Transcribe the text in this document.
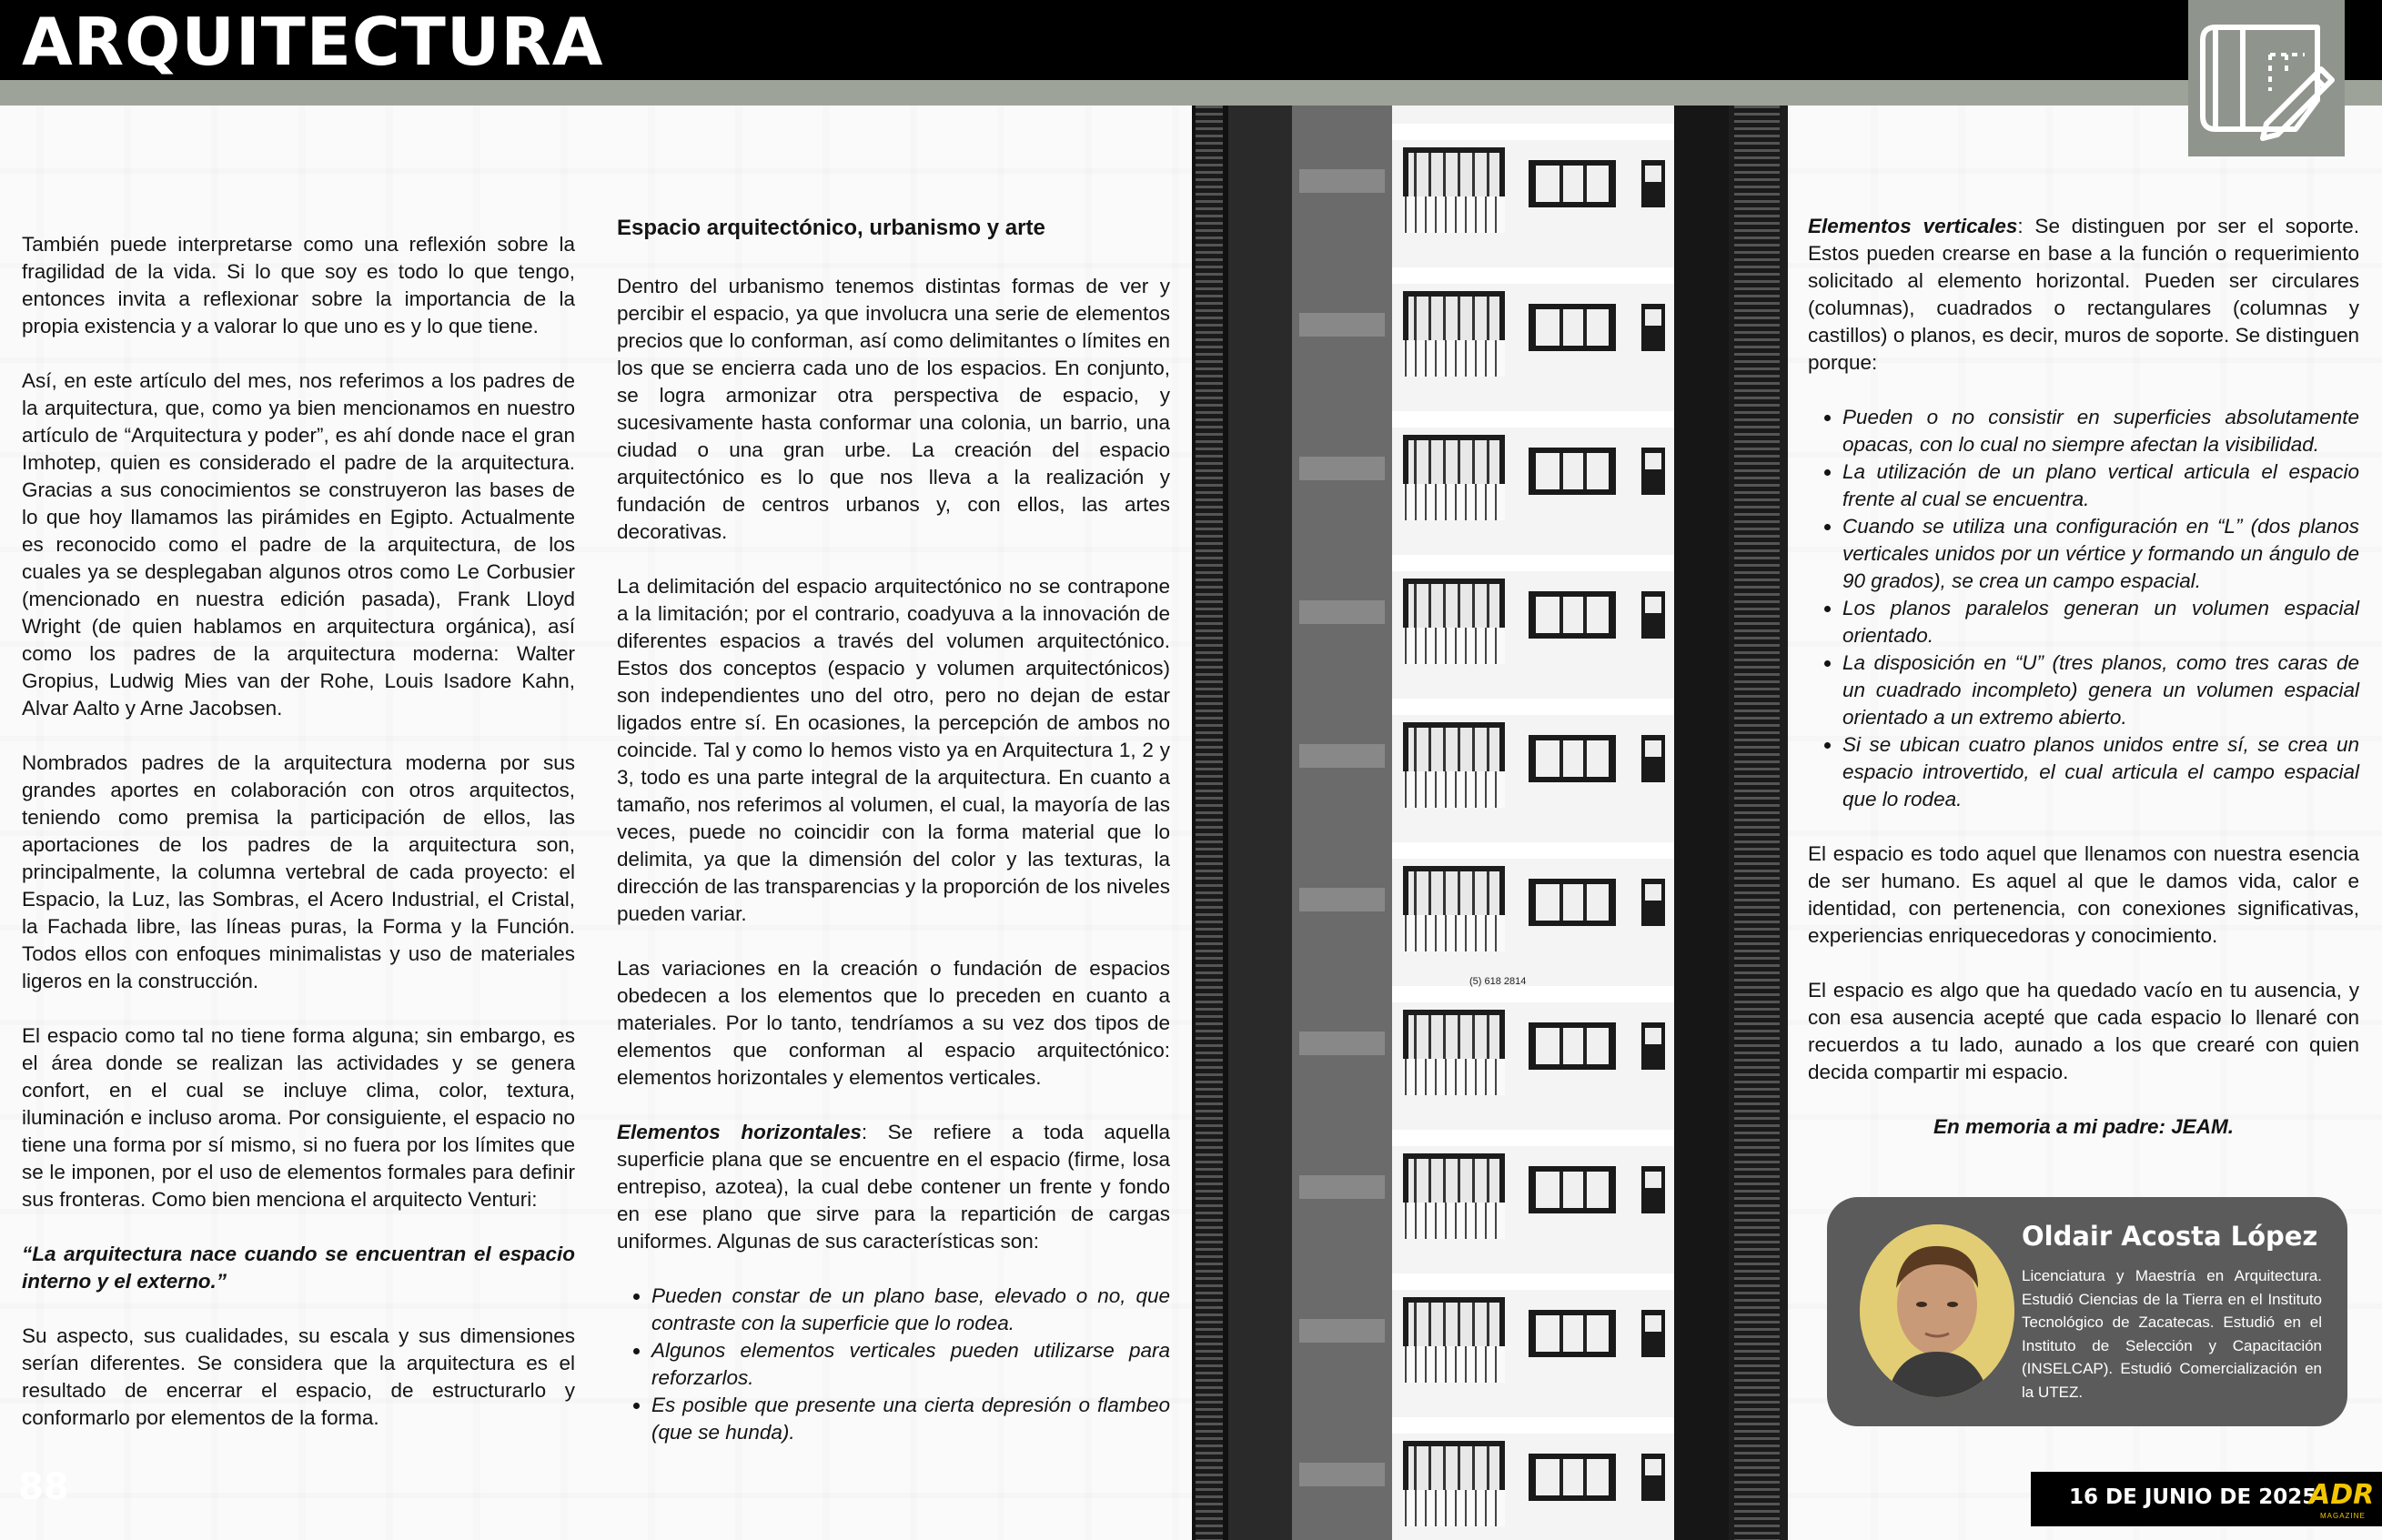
ARQUITECTURA

También puede interpretarse como una reflexión sobre la fragilidad de la vida. Si lo que soy es todo lo que tengo, entonces invita a reflexionar sobre la importancia de la propia existencia y a valorar lo que uno es y lo que tiene.

Así, en este artículo del mes, nos referimos a los padres de la arquitectura, que, como ya bien mencionamos en nuestro artículo de “Arquitectura y poder”, es ahí donde nace el gran Imhotep, quien es considerado el padre de la arquitectura. Gracias a sus conocimientos se construyeron las bases de lo que hoy llamamos las pirámides en Egipto. Actualmente es reconocido como el padre de la arquitectura, de los cuales ya se desplegaban algunos otros como Le Corbusier (mencionado en nuestra edición pasada), Frank Lloyd Wright (de quien hablamos en arquitectura orgánica), así como los padres de la arquitectura moderna: Walter Gropius, Ludwig Mies van der Rohe, Louis Isadore Kahn, Alvar Aalto y Arne Jacobsen.

Nombrados padres de la arquitectura moderna por sus grandes aportes en colaboración con otros arquitectos, teniendo como premisa la participación de ellos, las aportaciones de los padres de la arquitectura son, principalmente, la columna vertebral de cada proyecto: el Espacio, la Luz, las Sombras, el Acero Industrial, el Cristal, la Fachada libre, las líneas puras, la Forma y la Función. Todos ellos con enfoques minimalistas y uso de materiales ligeros en la construcción.

El espacio como tal no tiene forma alguna; sin embargo, es el área donde se realizan las actividades y se genera confort, en el cual se incluye clima, color, textura, iluminación e incluso aroma. Por consiguiente, el espacio no tiene una forma por sí mismo, si no fuera por los límites que se le imponen, por el uso de elementos formales para definir sus fronteras. Como bien menciona el arquitecto Venturi:

“La arquitectura nace cuando se encuentran el espacio interno y el externo.”

Su aspecto, sus cualidades, su escala y sus dimensiones serían diferentes. Se considera que la arquitectura es el resultado de encerrar el espacio, de estructurarlo y conformarlo por elementos de la forma.

Espacio arquitectónico, urbanismo y arte

Dentro del urbanismo tenemos distintas formas de ver y percibir el espacio, ya que involucra una serie de elementos precios que lo conforman, así como delimitantes o límites en los que se encierra cada uno de los espacios. En conjunto, se logra armonizar otra perspectiva de espacio, y sucesivamente hasta conformar una colonia, un barrio, una ciudad o una gran urbe. La creación del espacio arquitectónico es lo que nos lleva a la realización y fundación de centros urbanos y, con ellos, las artes decorativas.

La delimitación del espacio arquitectónico no se contrapone a la limitación; por el contrario, coadyuva a la innovación de diferentes espacios a través del volumen arquitectónico. Estos dos conceptos (espacio y volumen arquitectónicos) son independientes uno del otro, pero no dejan de estar ligados entre sí. En ocasiones, la percepción de ambos no coincide. Tal y como lo hemos visto ya en Arquitectura 1, 2 y 3, todo es una parte integral de la arquitectura. En cuanto a tamaño, nos referimos al volumen, el cual, la mayoría de las veces, puede no coincidir con la forma material que lo delimita, ya que la dimensión del color y las texturas, la dirección de las transparencias y la proporción de los niveles pueden variar.

Las variaciones en la creación o fundación de espacios obedecen a los elementos que lo preceden en cuanto a materiales. Por lo tanto, tendríamos a su vez dos tipos de elementos que conforman al espacio arquitectónico: elementos horizontales y elementos verticales.

Elementos horizontales: Se refiere a toda aquella superficie plana que se encuentre en el espacio (firme, losa entrepiso, azotea), la cual debe contener un frente y fondo en ese plano que sirve para la repartición de cargas uniformes. Algunas de sus características son:

• Pueden constar de un plano base, elevado o no, que contraste con la superficie que lo rodea.
• Algunos elementos verticales pueden utilizarse para reforzarlos.
• Es posible que presente una cierta depresión o flambeo (que se hunda).
(5) 618 2814

Elementos verticales: Se distinguen por ser el soporte. Estos pueden crearse en base a la función o requerimiento solicitado al elemento horizontal. Pueden ser circulares (columnas), cuadrados o rectangulares (columnas y castillos) o planos, es decir, muros de soporte. Se distinguen porque:

• Pueden o no consistir en superficies absolutamente opacas, con lo cual no siempre afectan la visibilidad.
• La utilización de un plano vertical articula el espacio frente al cual se encuentra.
• Cuando se utiliza una configuración en “L” (dos planos verticales unidos por un vértice y formando un ángulo de 90 grados), se crea un campo espacial.
• Los planos paralelos generan un volumen espacial orientado.
• La disposición en “U” (tres planos, como tres caras de un cuadrado incompleto) genera un volumen espacial orientado a un extremo abierto.
• Si se ubican cuatro planos unidos entre sí, se crea un espacio introvertido, el cual articula el campo espacial que lo rodea.

El espacio es todo aquel que llenamos con nuestra esencia de ser humano. Es aquel al que le damos vida, calor e identidad, con pertenencia, con conexiones significativas, experiencias enriquecedoras y conocimiento.

El espacio es algo que ha quedado vacío en tu ausencia, y con esa ausencia acepté que cada espacio lo llenaré con recuerdos a tu lado, aunado a los que crearé con quien decida compartir mi espacio.

En memoria a mi padre: JEAM.

Oldair Acosta López
Licenciatura y Maestría en Arquitectura. Estudió Ciencias de la Tierra en el Instituto Tecnológico de Zacatecas. Estudió en el Instituto de Selección y Capacitación (INSELCAP). Estudió Comercialización en la UTEZ.
88	16 DE JUNIO DE 2025
ADR
MAGAZINE
